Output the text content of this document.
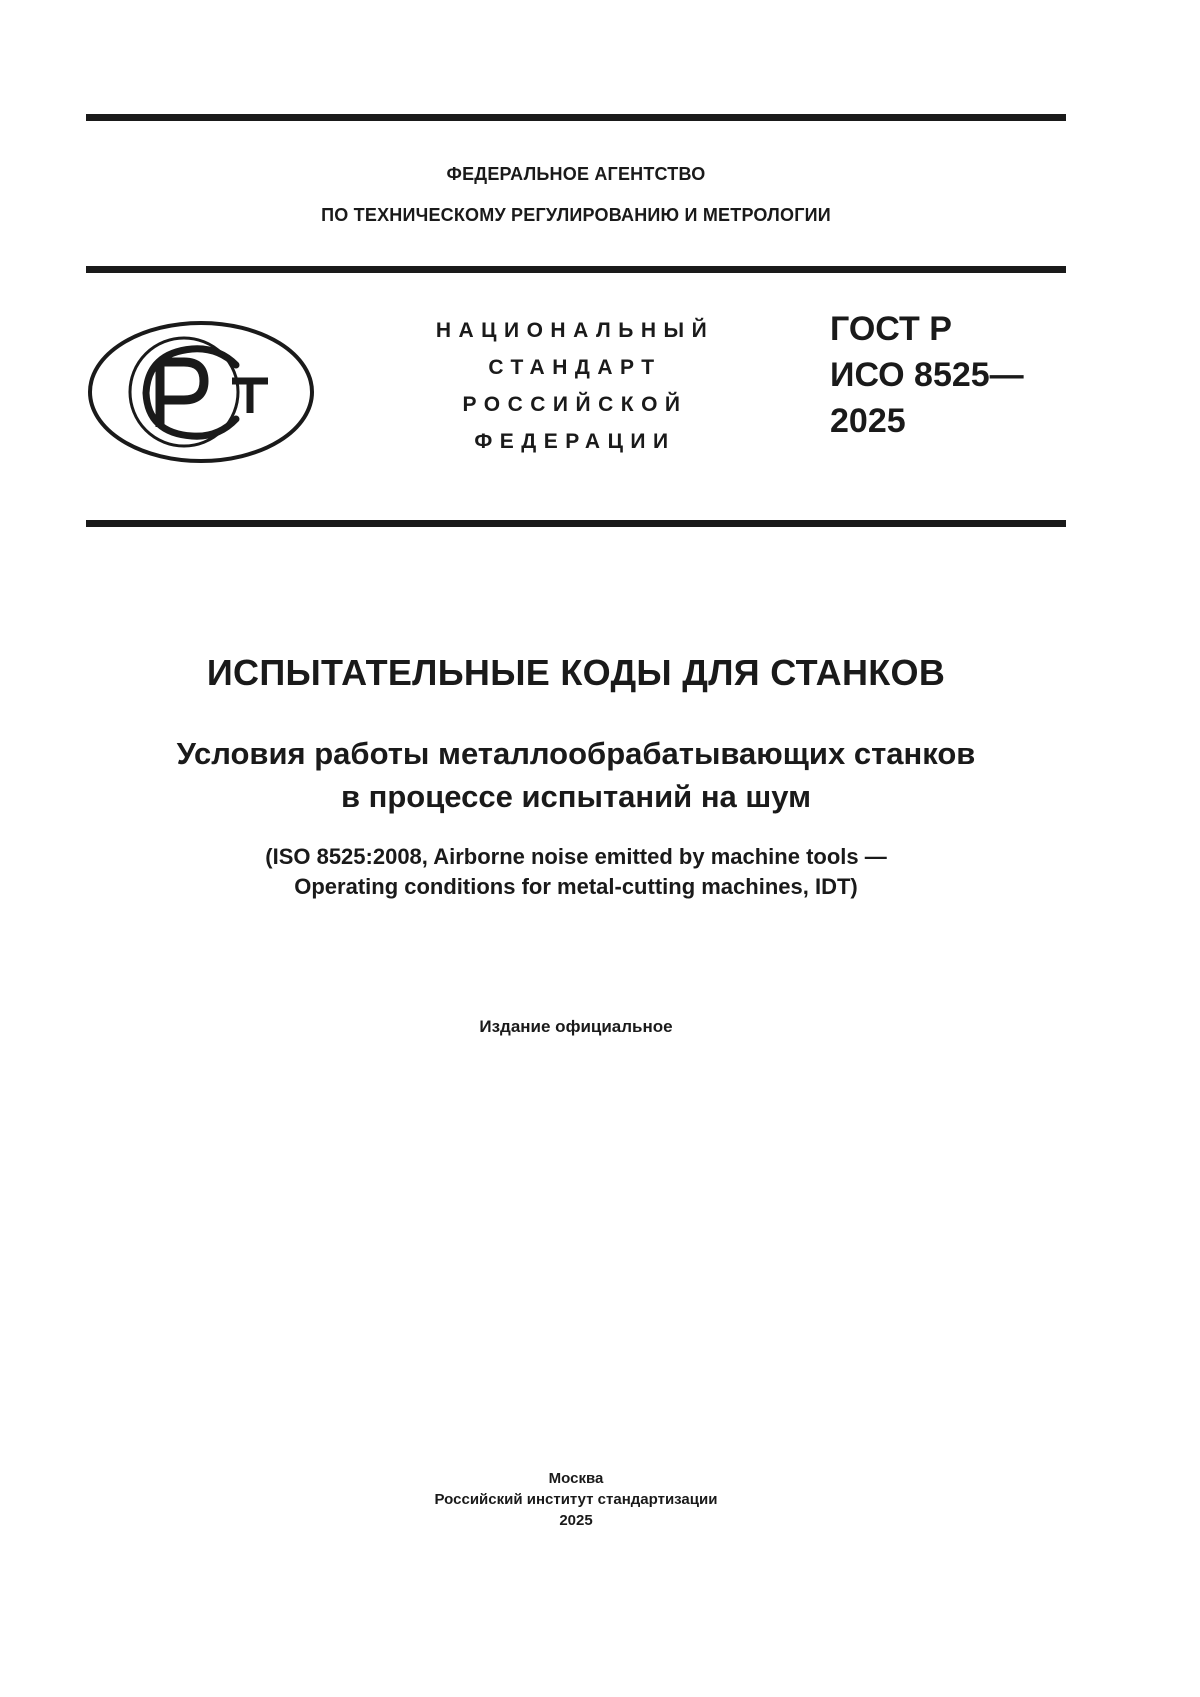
ФЕДЕРАЛЬНОЕ АГЕНТСТВО
ПО ТЕХНИЧЕСКОМУ РЕГУЛИРОВАНИЮ И МЕТРОЛОГИИ
НАЦИОНАЛЬНЫЙ
СТАНДАРТ
РОССИЙСКОЙ
ФЕДЕРАЦИИ
ГОСТ Р
ИСО 8525—
2025
ИСПЫТАТЕЛЬНЫЕ КОДЫ ДЛЯ СТАНКОВ
Условия работы металлообрабатывающих станков
в процессе испытаний на шум
(ISO 8525:2008, Airborne noise emitted by machine tools —
Operating conditions for metal-cutting machines, IDT)
Издание официальное
Москва
Российский институт стандартизации
2025
